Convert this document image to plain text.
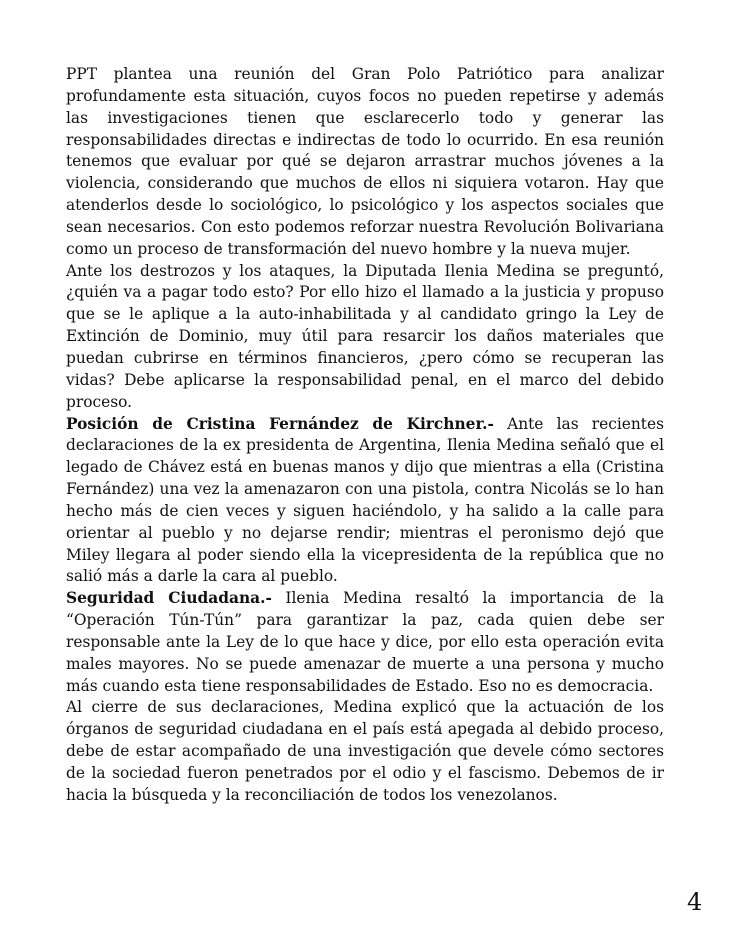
PPT plantea una reunión del Gran Polo Patriótico para analizar profundamente esta situación, cuyos focos no pueden repetirse y además las investigaciones tienen que esclarecerlo todo y generar las responsabilidades directas e indirectas de todo lo ocurrido. En esa reunión tenemos que evaluar por qué se dejaron arrastrar muchos jóvenes a la violencia, considerando que muchos de ellos ni siquiera votaron. Hay que atenderlos desde lo sociológico, lo psicológico y los aspectos sociales que sean necesarios. Con esto podemos reforzar nuestra Revolución Bolivariana como un proceso de transformación del nuevo hombre y la nueva mujer.

Ante los destrozos y los ataques, la Diputada Ilenia Medina se preguntó, ¿quién va a pagar todo esto? Por ello hizo el llamado a la justicia y propuso que se le aplique a la auto-inhabilitada y al candidato gringo la Ley de Extinción de Dominio, muy útil para resarcir los daños materiales que puedan cubrirse en términos financieros, ¿pero cómo se recuperan las vidas? Debe aplicarse la responsabilidad penal, en el marco del debido proceso.

Posición de Cristina Fernández de Kirchner.- Ante las recientes declaraciones de la ex presidenta de Argentina, Ilenia Medina señaló que el legado de Chávez está en buenas manos y dijo que mientras a ella (Cristina Fernández) una vez la amenazaron con una pistola, contra Nicolás se lo han hecho más de cien veces y siguen haciéndolo, y ha salido a la calle para orientar al pueblo y no dejarse rendir; mientras el peronismo dejó que Miley llegara al poder siendo ella la vicepresidenta de la república que no salió más a darle la cara al pueblo.

Seguridad Ciudadana.- Ilenia Medina resaltó la importancia de la “Operación Tún-Tún” para garantizar la paz, cada quien debe ser responsable ante la Ley de lo que hace y dice, por ello esta operación evita males mayores. No se puede amenazar de muerte a una persona y mucho más cuando esta tiene responsabilidades de Estado. Eso no es democracia.

Al cierre de sus declaraciones, Medina explicó que la actuación de los órganos de seguridad ciudadana en el país está apegada al debido proceso, debe de estar acompañado de una investigación que devele cómo sectores de la sociedad fueron penetrados por el odio y el fascismo. Debemos de ir hacia la búsqueda y la reconciliación de todos los venezolanos.

4
